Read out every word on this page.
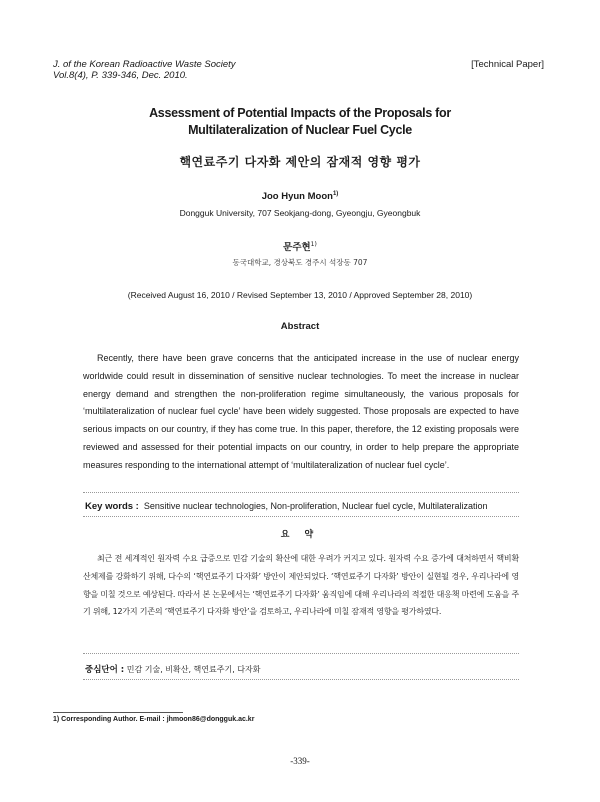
J. of the Korean Radioactive Waste Society
Vol.8(4), P. 339-346, Dec. 2010.
[Technical Paper]
Assessment of Potential Impacts of the Proposals for
Multilateralization of Nuclear Fuel Cycle
핵연료주기 다자화 제안의 잠재적 영향 평가
Joo Hyun Moon$^{1)}$
Dongguk University, 707 Seokjang-dong, Gyeongju, Gyeongbuk
문주현$^{1)}$
동국대학교, 경상북도 경주시 석장동 707
(Received August 16, 2010 / Revised September 13, 2010 / Approved September 28, 2010)
Abstract
Recently, there have been grave concerns that the anticipated increase in the use of nuclear energy worldwide could result in dissemination of sensitive nuclear technologies. To meet the increase in nuclear energy demand and strengthen the non-proliferation regime simultaneously, the various proposals for ‘multilateralization of nuclear fuel cycle’ have been widely suggested. Those proposals are expected to have serious impacts on our country, if they has come true. In this paper, therefore, the 12 existing proposals were reviewed and assessed for their potential impacts on our country, in order to help prepare the appropriate measures responding to the international attempt of ‘multilateralization of nuclear fuel cycle’.
Key words : Sensitive nuclear technologies, Non-proliferation, Nuclear fuel cycle, Multilateralization
요 약
최근 전 세계적인 원자력 수요 급증으로 민감 기술의 확산에 대한 우려가 커지고 있다. 원자력 수요 증가에 대처하면서 핵비확산체제를 강화하기 위해, 다수의 ‘핵연료주기 다자화’ 방안이 제안되었다. ‘핵연료주기 다자화’ 방안이 실현될 경우, 우리나라에 영향을 미칠 것으로 예상된다. 따라서 본 논문에서는 ‘핵연료주기 다자화’ 움직임에 대해 우리나라의 적절한 대응책 마련에 도움을 주기 위해, 12가지 기존의 ‘핵연료주기 다자화 방안’을 검토하고, 우리나라에 미칠 잠재적 영향을 평가하였다.
중심단어 : 민감 기술, 비확산, 핵연료주기, 다자화
1) Corresponding Author. E-mail : jhmoon86@dongguk.ac.kr
-339-
